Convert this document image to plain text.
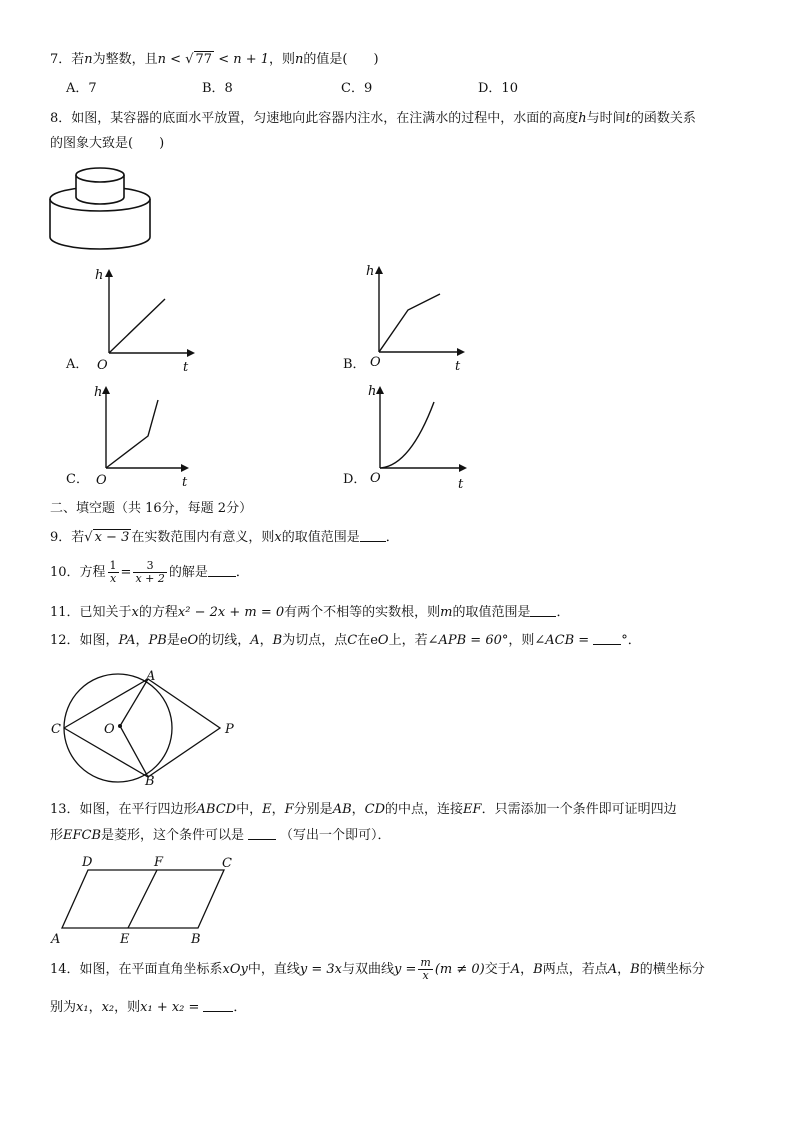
7．若n为整数，且n < √ 77 < n + 1，则n的值是(　　)
A．7	B．8	C．9	D．10
8．如图，某容器的底面水平放置，匀速地向此容器内注水，在注满水的过程中，水面的高度h与时间t的函数关系
的图象大致是(　　)
A．
h
O	t	B．
h
O	t
C．
h
O	t	D．
h
O	t
二、填空题（共 16分，每题 2分）
9．若√ x − 3 在实数范围内有意义，则x的取值范围是 ．
10．方程 $\frac{1}{x} = \frac{3}{x + 2}$ 的解是 ．
11．已知关于x的方程x² − 2x + m = 0有两个不相等的实数根，则m的取值范围是 ．
12．如图，PA，PB是eO的切线，A，B为切点，点C在eO上，若∠APB = 60°，则∠ACB = °．
A
B
C	O	P
13．如图，在平行四边形ABCD中，E，F分别是AB，CD的中点，连接EF．只需添加一个条件即可证明四边
形EFCB是菱形，这个条件可以是	（写出一个即可）．
D	F	C
A	E	B
14．如图，在平面直角坐标系xOy中，直线y = 3x与双曲线$y = \frac{m}{x} (m \ne 0)$交于A，B两点，若点A，B的横坐标分
别为x₁，x₂，则x₁ + x₂ =	．
